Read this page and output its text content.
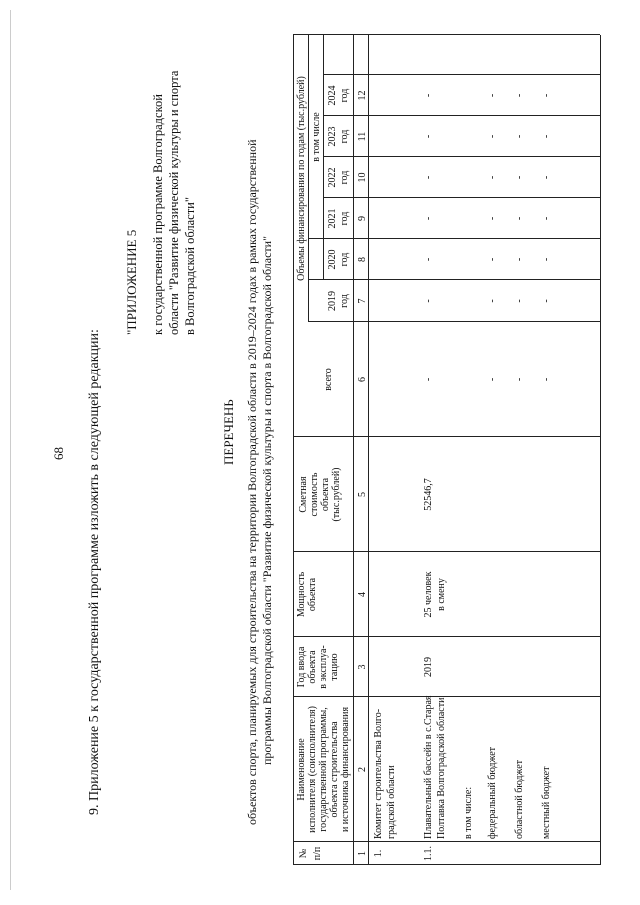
68 9. Приложение 5 к государственной программе изложить в следующей редакции:
"ПРИЛОЖЕНИЕ 5 к государственной программе Волгоградской области "Развитие физической культуры и спорта в Волгоградской области"
ПЕРЕЧЕНЬ объектов спорта, планируемых для строительства на территории Волгоградской области в 2019–2024 годах в рамках государственной программы Волгоградской области "Развитие физической культуры и спорта в Волгоградской области"
№ п/п
Наименование исполнителя (соисполнителя) государственной программы, объекта строительства и источника финансирования
Год ввода объекта в эксплуа- тацию
Мощность объекта
Сметная стоимость объекта (тыс.рублей)
Объемы финансирования по годам (тыс.рублей)
всего
в том числе
2019 год
2020 год
2021 год
2022 год
2023 год
2024 год
1
2
3
4
5
6
7
8
9
10
11
12
1.
Комитет строительства Волго- градской области
1.1.
Плавательный бассейн в с.Старая Полтавка Волгоградской области
2019
25 человек в смену
52546,7
-
-
-
-
-
-
-
в том числе: федеральный бюджет
-
-
-
-
-
-
-
областной бюджет
-
-
-
-
-
-
-
местный бюджет
-
-
-
-
-
-
-
